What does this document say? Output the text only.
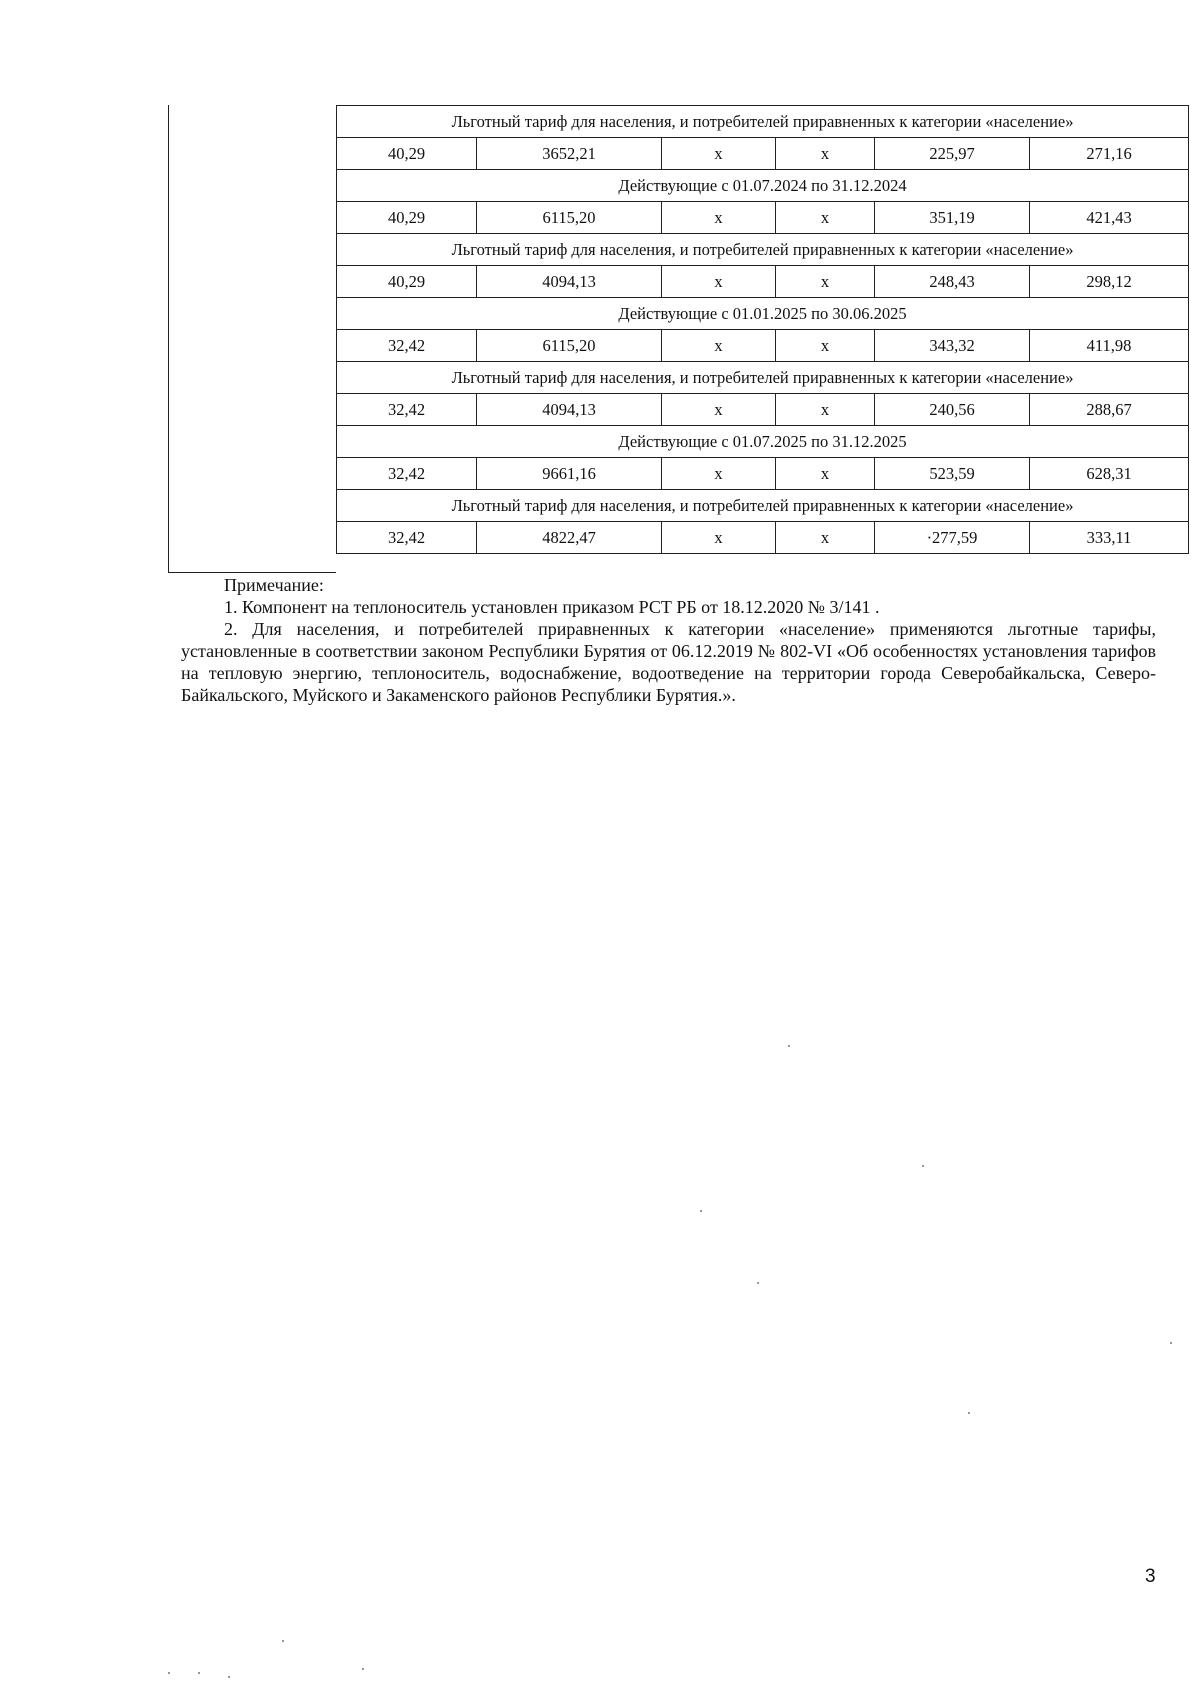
Льготный тариф для населения, и потребителей приравненных к категории «население»					
40,29	3652,21	х	х	225,97	271,16
Действующие с 01.07.2024 по 31.12.2024					
40,29	6115,20	х	х	351,19	421,43
Льготный тариф для населения, и потребителей приравненных к категории «население»					
40,29	4094,13	х	х	248,43	298,12
Действующие с 01.01.2025 по 30.06.2025					
32,42	6115,20	х	х	343,32	411,98
Льготный тариф для населения, и потребителей приравненных к категории «население»					
32,42	4094,13	х	х	240,56	288,67
Действующие с 01.07.2025 по 31.12.2025					
32,42	9661,16	х	х	523,59	628,31
Льготный тариф для населения, и потребителей приравненных к категории «население»					
32,42	4822,47	х	х	·277,59	333,11

Примечание:

1. Компонент на теплоноситель установлен приказом РСТ РБ от 18.12.2020 № 3/141 .

2. Для населения, и потребителей приравненных к категории «население» применяются льготные тарифы, установленные в соответствии законом Республики Бурятия от 06.12.2019 № 802-VI «Об особенностях установления тарифов на тепловую энергию, теплоноситель, водоснабжение, водоотведение на территории города Северобайкальска, Северо-Байкальского, Муйского и Закаменского районов Республики Бурятия.».

3
